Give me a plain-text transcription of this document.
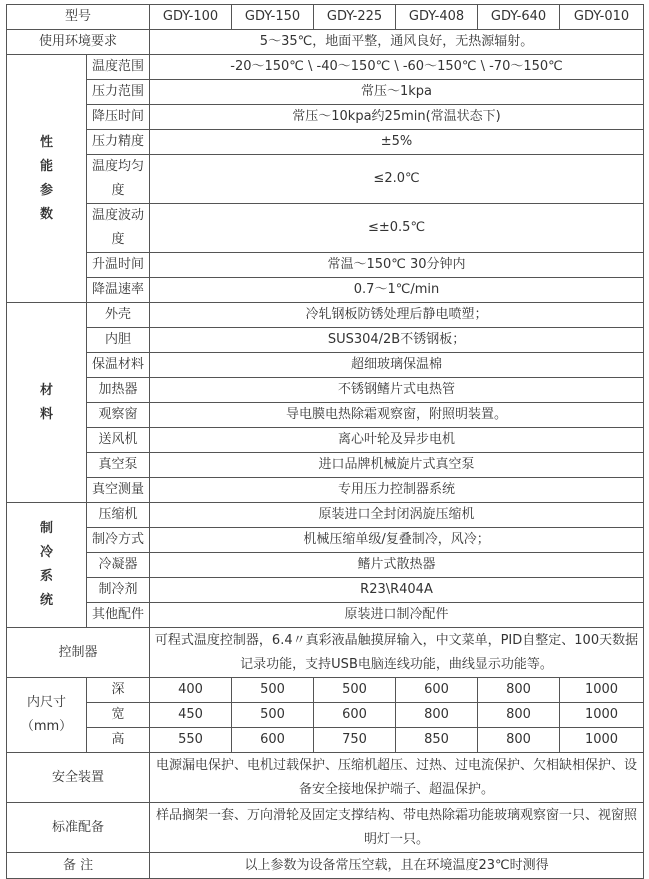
型号		GDY-100	GDY-150	GDY-225	GDY-408	GDY-640	GDY-010
使用环境要求		5～35℃，地面平整，通风良好，无热源辐射。					

性
能
参
数	温度范围	-20～150℃ \ -40～150℃ \ -60～150℃ \ -70～150℃					
	压力范围	常压～1kpa					
	降压时间	常压～10kpa约25min(常温状态下)					
	压力精度	±5%					
	温度均匀度	≤2.0℃					
	温度波动度	≤±0.5℃					
	升温时间	常温～150℃ 30分钟内					
	降温速率	0.7～1℃/min					

材
料	外壳	冷轧钢板防锈处理后静电喷塑；					
	内胆	SUS304/2B不锈钢板；					
	保温材料	超细玻璃保温棉					
	加热器	不锈钢鳍片式电热管					
	观察窗	导电膜电热除霜观察窗，附照明装置。					
	送风机	离心叶轮及异步电机					
	真空泵	进口品牌机械旋片式真空泵					
	真空测量	专用压力控制器系统					

制
冷
系
统	压缩机	原装进口全封闭涡旋压缩机					
	制冷方式	机械压缩单级/复叠制冷，风冷；					
	冷凝器	鳍片式散热器					
	制冷剂	R23\R404A					
	其他配件	原装进口制冷配件					
控制器		可程式温度控制器，6.4〃真彩液晶触摸屏输入，中文菜单，PID自整定、100天数据记录功能，支持USB电脑连线功能，曲线显示功能等。					

内尺寸
（mm）	深	400	500	500	600	800	1000
	宽	450	500	600	800	800	1000
	高	550	600	750	850	800	1000
安全装置		电源漏电保护、电机过载保护、压缩机超压、过热、过电流保护、欠相缺相保护、设备安全接地保护端子、超温保护。					
标准配备		样品搁架一套、万向滑轮及固定支撑结构、带电热除霜功能玻璃观察窗一只、视窗照明灯一只。					
备 注		以上参数为设备常压空载，且在环境温度23℃时测得					
